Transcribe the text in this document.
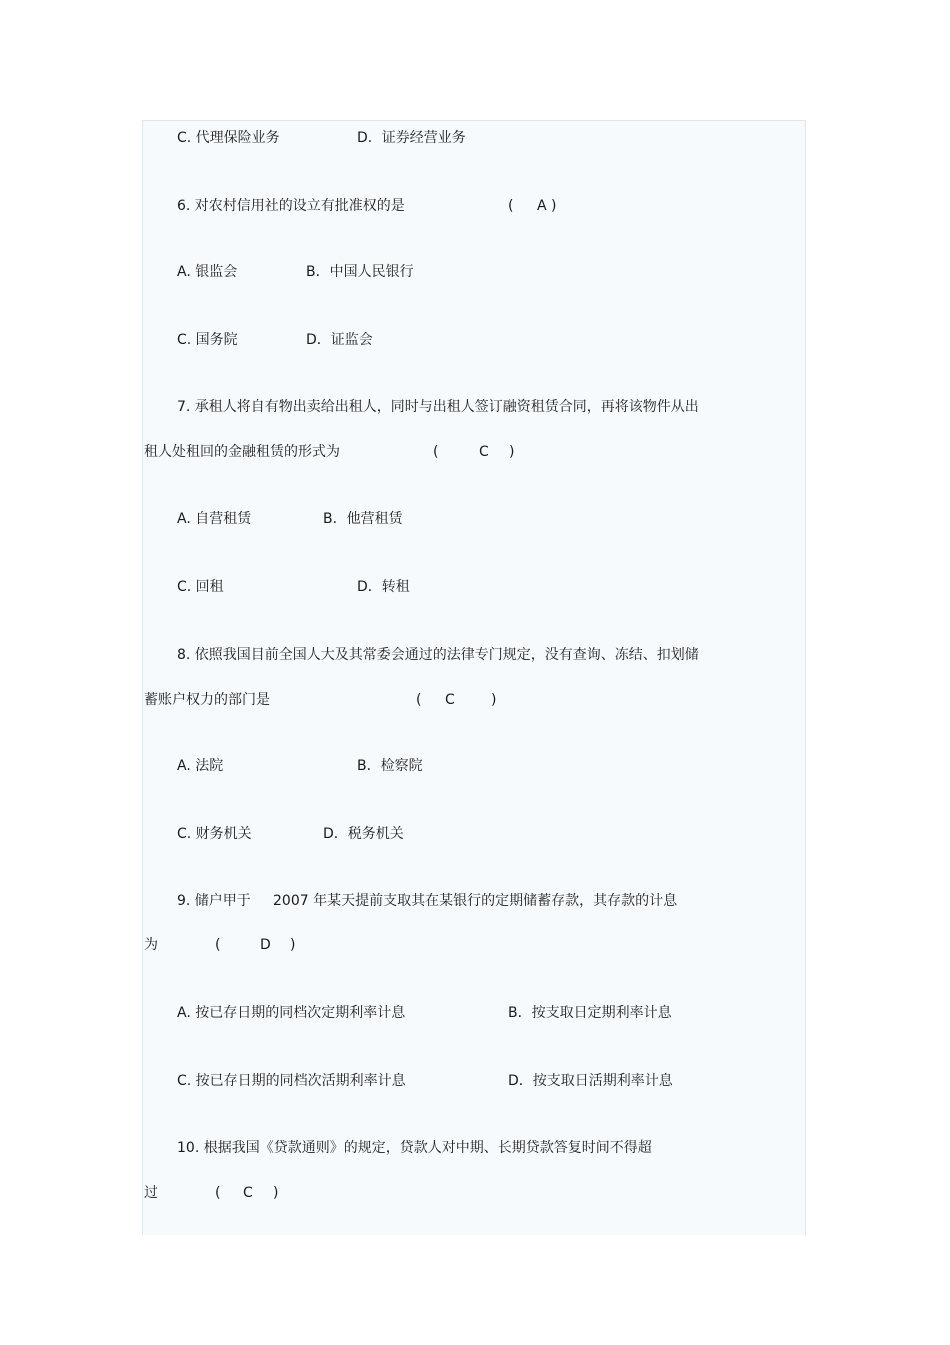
C. 代理保险业务	D．证券经营业务
6. 对农村信用社的设立有批准权的是	( A )
A. 银监会	B．中国人民银行
C. 国务院	D．证监会
7. 承租人将自有物出卖给出租人，同时与出租人签订融资租赁合同，再将该物件从出
租人处租回的金融租赁的形式为	(	C )
A. 自营租赁	B．他营租赁
C. 回租	D．转租
8. 依照我国目前全国人大及其常委会通过的法律专门规定，没有查询、冻结、扣划储
蓄账户权力的部门是	( C	)
A. 法院	B．检察院
C. 财务机关	D．税务机关
9. 储户甲于 2007 年某天提前支取其在某银行的定期储蓄存款，其存款的计息
为	(	D )
A. 按已存日期的同档次定期利率计息	B．按支取日定期利率计息
C. 按已存日期的同档次活期利率计息	D．按支取日活期利率计息
10. 根据我国《贷款通则》的规定，贷款人对中期、长期贷款答复时间不得超
过	( C )
